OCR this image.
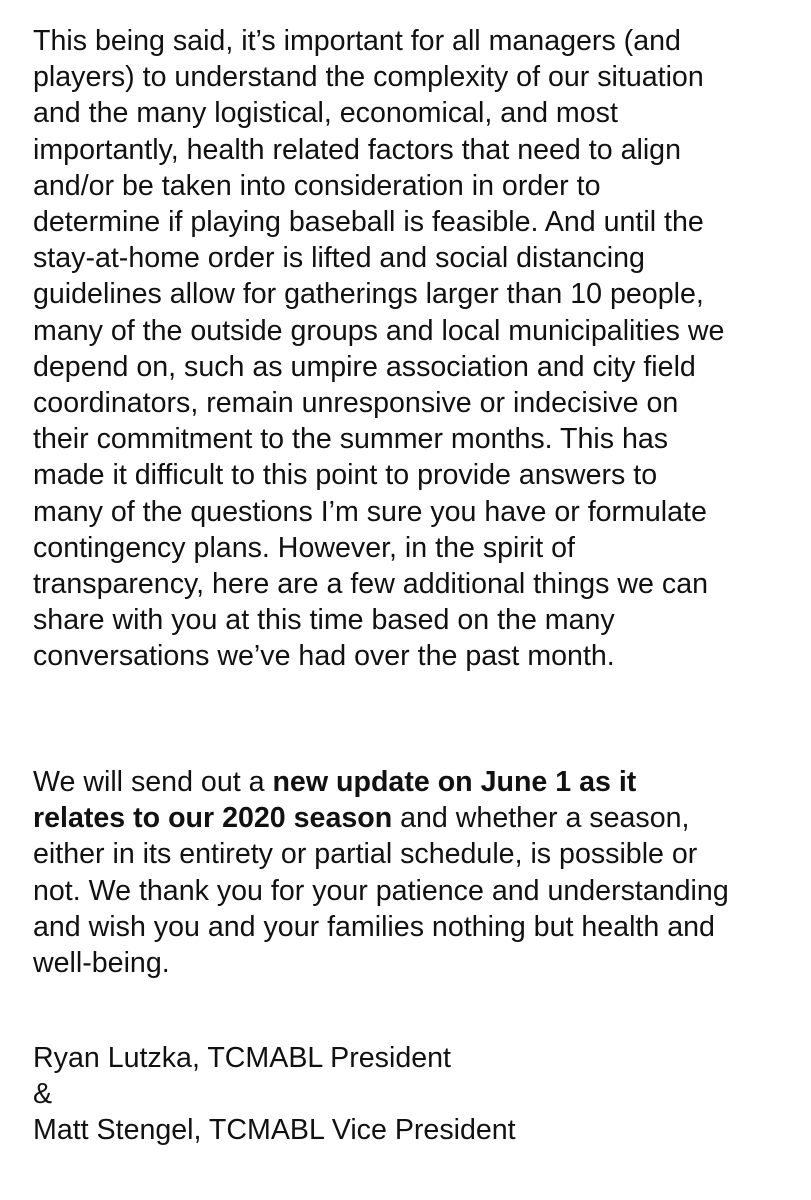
This being said, it’s important for all managers (and
players) to understand the complexity of our situation
and the many logistical, economical, and most
importantly, health related factors that need to align
and/or be taken into consideration in order to
determine if playing baseball is feasible. And until the
stay-at-home order is lifted and social distancing
guidelines allow for gatherings larger than 10 people,
many of the outside groups and local municipalities we
depend on, such as umpire association and city field
coordinators, remain unresponsive or indecisive on
their commitment to the summer months. This has
made it difficult to this point to provide answers to
many of the questions I’m sure you have or formulate
contingency plans. However, in the spirit of
transparency, here are a few additional things we can
share with you at this time based on the many
conversations we’ve had over the past month.
We will send out a new update on June 1 as it
relates to our 2020 season and whether a season,
either in its entirety or partial schedule, is possible or
not. We thank you for your patience and understanding
and wish you and your families nothing but health and
well-being.
Ryan Lutzka, TCMABL President
&
Matt Stengel, TCMABL Vice President
